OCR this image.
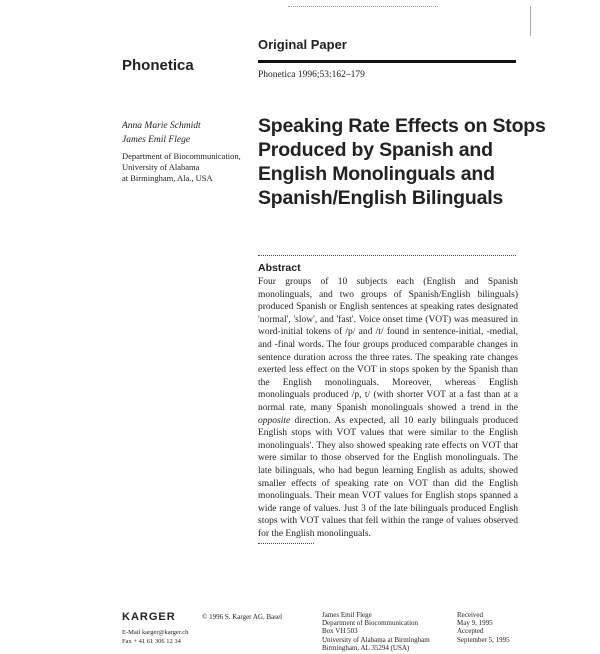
Original Paper
Phonetica
Phonetica 1996;53:162–179
Anna Marie Schmidt
James Emil Flege
Department of Biocommunication,
University of Alabama
at Birmingham, Ala., USA
Speaking Rate Effects on Stops Produced by Spanish and English Monolinguals and Spanish/English Bilinguals
Abstract
Four groups of 10 subjects each (English and Spanish monolinguals, and two groups of Spanish/English bilinguals) produced Spanish or English sentences at speaking rates designated 'normal', 'slow', and 'fast'. Voice onset time (VOT) was measured in word-initial tokens of /p/ and /t/ found in sentence-initial, -medial, and -final words. The four groups produced comparable changes in sentence duration across the three rates. The speaking rate changes exerted less effect on the VOT in stops spoken by the Spanish than the English monolinguals. Moreover, whereas English monolinguals produced /p, t/ (with shorter VOT at a fast than at a normal rate, many Spanish monolinguals showed a trend in the opposite direction. As expected, all 10 early bilinguals produced English stops with VOT values that were similar to the English monolinguals'. They also showed speaking rate effects on VOT that were similar to those observed for the English monolinguals. The late bilinguals, who had begun learning English as adults, showed smaller effects of speaking rate on VOT than did the English monolinguals. Their mean VOT values for English stops spanned a wide range of values. Just 3 of the late bilinguals produced English stops with VOT values that fell within the range of values observed for the English monolinguals.
KARGER	© 1996 S. Karger AG, Basel
E-Mail karger@karger.ch
Fax + 41 61 306 12 34
James Emil Flege
Department of Biocommunication
Box VH 503
University of Alabama at Birmingham
Birmingham, AL 35294 (USA)
Received
May 9, 1995
Accepted
September 5, 1995
